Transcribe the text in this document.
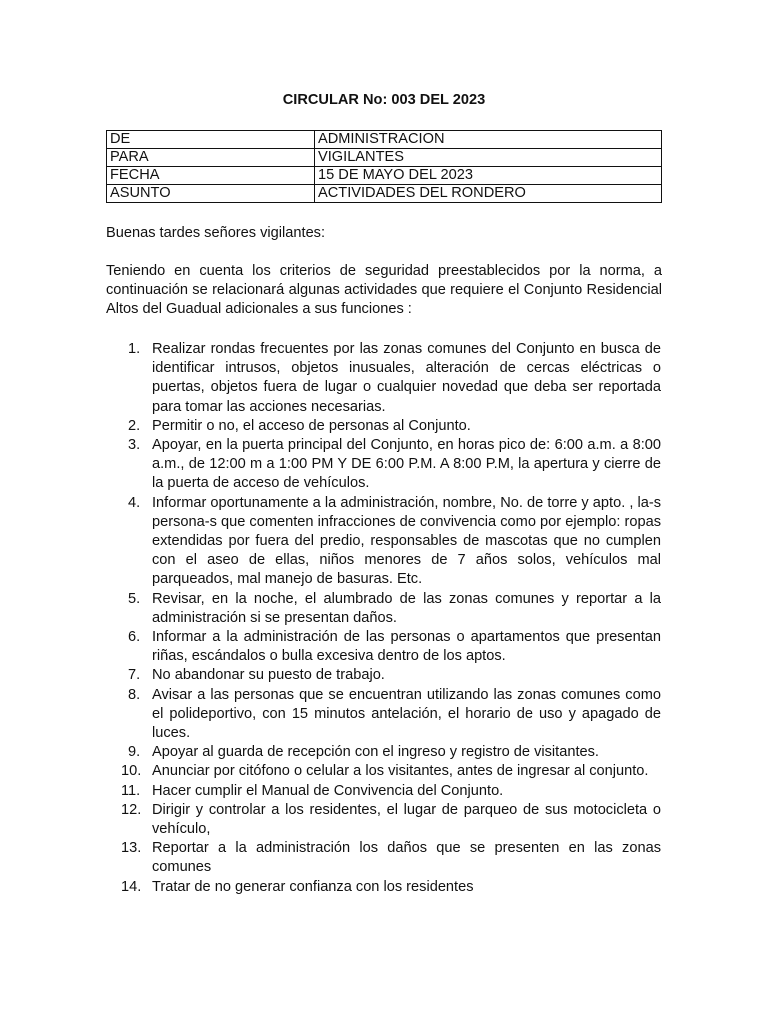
CIRCULAR No: 003 DEL 2023
DE	ADMINISTRACION
PARA	VIGILANTES
FECHA	15 DE MAYO DEL 2023
ASUNTO	ACTIVIDADES DEL RONDERO
Buenas tardes señores vigilantes:
Teniendo en cuenta los criterios de seguridad preestablecidos por la norma, a continuación se relacionará algunas actividades que requiere el Conjunto Residencial Altos del Guadual adicionales a sus funciones :
1. Realizar rondas frecuentes por las zonas comunes del Conjunto en busca de identificar intrusos, objetos inusuales, alteración de cercas eléctricas o puertas, objetos fuera de lugar o cualquier novedad que deba ser reportada para tomar las acciones necesarias.
2. Permitir o no, el acceso de personas al Conjunto.
3. Apoyar, en la puerta principal del Conjunto, en horas pico de: 6:00 a.m. a 8:00 a.m., de 12:00 m a 1:00 PM Y DE 6:00 P.M. A 8:00 P.M, la apertura y cierre de la puerta de acceso de vehículos.
4. Informar oportunamente a la administración, nombre, No. de torre y apto. , la-s persona-s que comenten infracciones de convivencia como por ejemplo: ropas extendidas por fuera del predio, responsables de mascotas que no cumplen con el aseo de ellas, niños menores de 7 años solos, vehículos mal parqueados, mal manejo de basuras. Etc.
5. Revisar, en la noche, el alumbrado de las zonas comunes y reportar a la administración si se presentan daños.
6. Informar a la administración de las personas o apartamentos que presentan riñas, escándalos o bulla excesiva dentro de los aptos.
7. No abandonar su puesto de trabajo.
8. Avisar a las personas que se encuentran utilizando las zonas comunes como el polideportivo, con 15 minutos antelación, el horario de uso y apagado de luces.
9. Apoyar al guarda de recepción con el ingreso y registro de visitantes.
10. Anunciar por citófono o celular a los visitantes, antes de ingresar al conjunto.
11. Hacer cumplir el Manual de Convivencia del Conjunto.
12. Dirigir y controlar a los residentes, el lugar de parqueo de sus motocicleta o vehículo,
13. Reportar a la administración los daños que se presenten en las zonas comunes
14. Tratar de no generar confianza con los residentes
